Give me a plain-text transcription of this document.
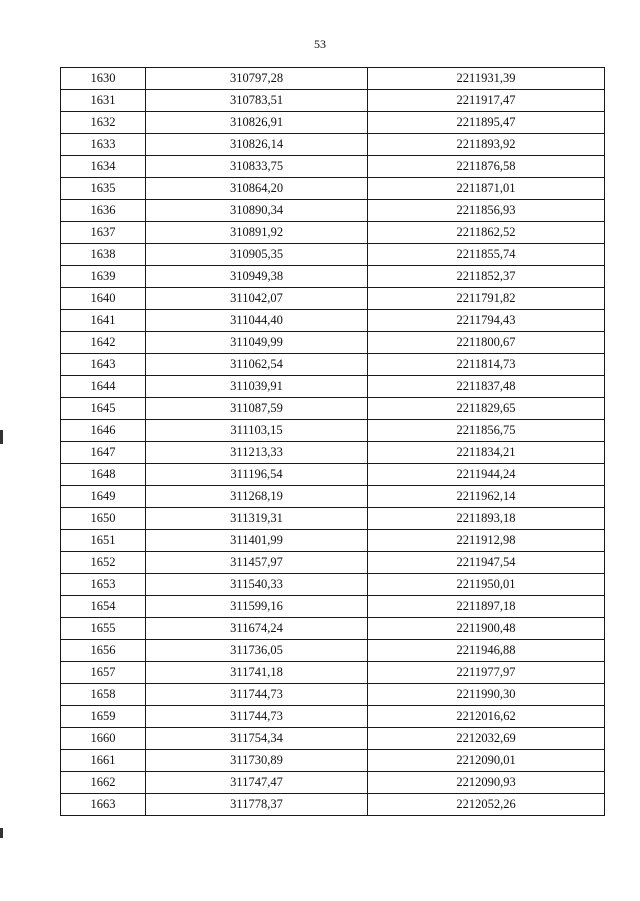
53
1630	310797,28	2211931,39
1631	310783,51	2211917,47
1632	310826,91	2211895,47
1633	310826,14	2211893,92
1634	310833,75	2211876,58
1635	310864,20	2211871,01
1636	310890,34	2211856,93
1637	310891,92	2211862,52
1638	310905,35	2211855,74
1639	310949,38	2211852,37
1640	311042,07	2211791,82
1641	311044,40	2211794,43
1642	311049,99	2211800,67
1643	311062,54	2211814,73
1644	311039,91	2211837,48
1645	311087,59	2211829,65
1646	311103,15	2211856,75
1647	311213,33	2211834,21
1648	311196,54	2211944,24
1649	311268,19	2211962,14
1650	311319,31	2211893,18
1651	311401,99	2211912,98
1652	311457,97	2211947,54
1653	311540,33	2211950,01
1654	311599,16	2211897,18
1655	311674,24	2211900,48
1656	311736,05	2211946,88
1657	311741,18	2211977,97
1658	311744,73	2211990,30
1659	311744,73	2212016,62
1660	311754,34	2212032,69
1661	311730,89	2212090,01
1662	311747,47	2212090,93
1663	311778,37	2212052,26
